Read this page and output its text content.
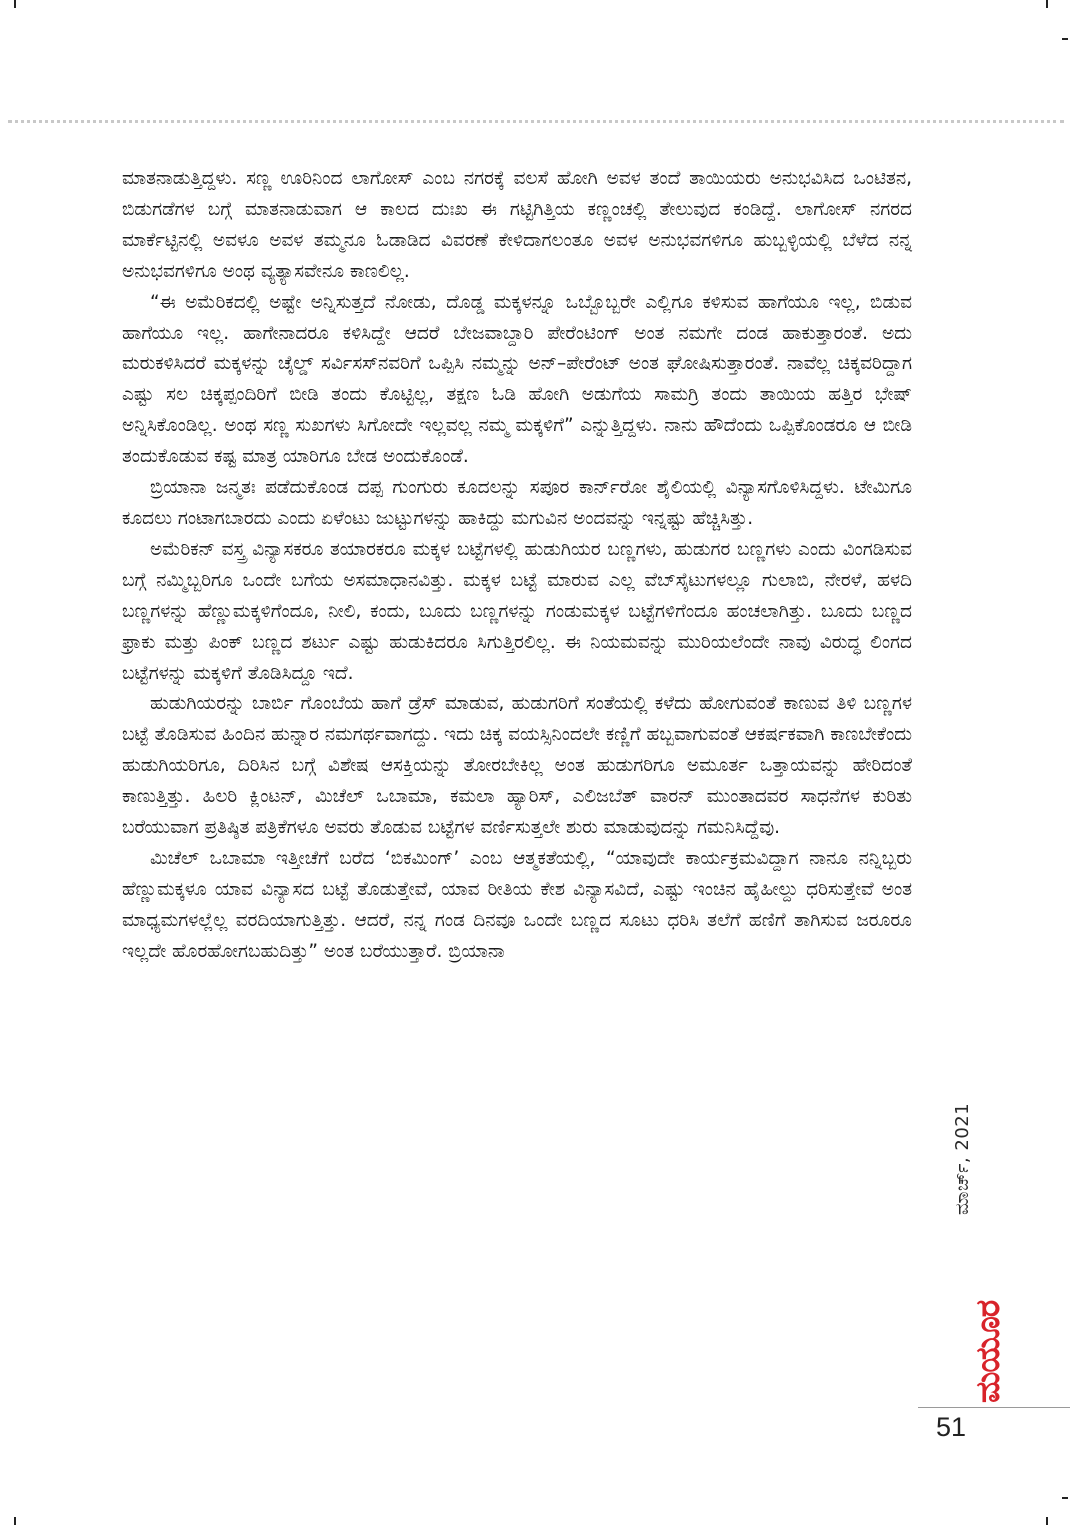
ಮಾತನಾಡುತ್ತಿದ್ದಳು. ಸಣ್ಣ ಊರಿನಿಂದ ಲಾಗೋಸ್ ಎಂಬ ನಗರಕ್ಕೆ ವಲಸೆ ಹೋಗಿ ಅವಳ ತಂದೆ ತಾಯಿಯರು ಅನುಭವಿಸಿದ ಒಂಟಿತನ, ಬಿಡುಗಡೆಗಳ ಬಗ್ಗೆ ಮಾತನಾಡುವಾಗ ಆ ಕಾಲದ ದುಃಖ ಈ ಗಟ್ಟಿಗಿತ್ತಿಯ ಕಣ್ಣಂಚಲ್ಲಿ ತೇಲುವುದ ಕಂಡಿದ್ದೆ. ಲಾಗೋಸ್ ನಗರದ ಮಾರ್ಕೆಟ್ಟಿನಲ್ಲಿ ಅವಳೂ ಅವಳ ತಮ್ಮನೂ ಓಡಾಡಿದ ವಿವರಣೆ ಕೇಳಿದಾಗಲಂತೂ ಅವಳ ಅನುಭವಗಳಿಗೂ ಹುಬ್ಬಳ್ಳಿಯಲ್ಲಿ ಬೆಳೆದ ನನ್ನ ಅನುಭವಗಳಿಗೂ ಅಂಥ ವ್ಯತ್ಯಾಸವೇನೂ ಕಾಣಲಿಲ್ಲ.

“ಈ ಅಮೆರಿಕದಲ್ಲಿ ಅಷ್ಟೇ ಅನ್ನಿಸುತ್ತದೆ ನೋಡು, ದೊಡ್ಡ ಮಕ್ಕಳನ್ನೂ ಒಬ್ಬೊಬ್ಬರೇ ಎಲ್ಲಿಗೂ ಕಳಿಸುವ ಹಾಗೆಯೂ ಇಲ್ಲ, ಬಿಡುವ ಹಾಗೆಯೂ ಇಲ್ಲ. ಹಾಗೇನಾದರೂ ಕಳಿಸಿದ್ದೇ ಆದರೆ ಬೇಜವಾಬ್ದಾರಿ ಪೇರೆಂಟಿಂಗ್ ಅಂತ ನಮಗೇ ದಂಡ ಹಾಕುತ್ತಾರಂತೆ. ಅದು ಮರುಕಳಿಸಿದರೆ ಮಕ್ಕಳನ್ನು ಚೈಲ್ಡ್ ಸರ್ವಿಸಸ್‌ನವರಿಗೆ ಒಪ್ಪಿಸಿ ನಮ್ಮನ್ನು ಅನ್–ಪೇರೆಂಟ್ ಅಂತ ಘೋಷಿಸುತ್ತಾರಂತೆ. ನಾವೆಲ್ಲ ಚಿಕ್ಕವರಿದ್ದಾಗ ಎಷ್ಟು ಸಲ ಚಿಕ್ಕಪ್ಪಂದಿರಿಗೆ ಬೀಡಿ ತಂದು ಕೊಟ್ಟಿಲ್ಲ, ತಕ್ಷಣ ಓಡಿ ಹೋಗಿ ಅಡುಗೆಯ ಸಾಮಗ್ರಿ ತಂದು ತಾಯಿಯ ಹತ್ತಿರ ಭೇಷ್ ಅನ್ನಿಸಿಕೊಂಡಿಲ್ಲ. ಅಂಥ ಸಣ್ಣ ಸುಖಗಳು ಸಿಗೋದೇ ಇಲ್ಲವಲ್ಲ ನಮ್ಮ ಮಕ್ಕಳಿಗೆ” ಎನ್ನುತ್ತಿದ್ದಳು. ನಾನು ಹೌದೆಂದು ಒಪ್ಪಿಕೊಂಡರೂ ಆ ಬೀಡಿ ತಂದುಕೊಡುವ ಕಷ್ಟ ಮಾತ್ರ ಯಾರಿಗೂ ಬೇಡ ಅಂದುಕೊಂಡೆ.

ಬ್ರಿಯಾನಾ ಜನ್ಮತಃ ಪಡೆದುಕೊಂಡ ದಪ್ಪ ಗುಂಗುರು ಕೂದಲನ್ನು ಸಪೂರ ಕಾರ್ನ್‌ರೋ ಶೈಲಿಯಲ್ಲಿ ವಿನ್ಯಾಸಗೊಳಿಸಿದ್ದಳು. ಟೇಮಿಗೂ ಕೂದಲು ಗಂಟಾಗಬಾರದು ಎಂದು ಏಳೆಂಟು ಜುಟ್ಟುಗಳನ್ನು ಹಾಕಿದ್ದು ಮಗುವಿನ ಅಂದವನ್ನು ಇನ್ನಷ್ಟು ಹೆಚ್ಚಿಸಿತ್ತು.

ಅಮೆರಿಕನ್ ವಸ್ತ್ರ ವಿನ್ಯಾಸಕರೂ ತಯಾರಕರೂ ಮಕ್ಕಳ ಬಟ್ಟೆಗಳಲ್ಲಿ ಹುಡುಗಿಯರ ಬಣ್ಣಗಳು, ಹುಡುಗರ ಬಣ್ಣಗಳು ಎಂದು ವಿಂಗಡಿಸುವ ಬಗ್ಗೆ ನಮ್ಮಿಬ್ಬರಿಗೂ ಒಂದೇ ಬಗೆಯ ಅಸಮಾಧಾನವಿತ್ತು. ಮಕ್ಕಳ ಬಟ್ಟೆ ಮಾರುವ ಎಲ್ಲ ವೆಬ್‌ಸೈಟುಗಳಲ್ಲೂ ಗುಲಾಬಿ, ನೇರಳೆ, ಹಳದಿ ಬಣ್ಣಗಳನ್ನು ಹೆಣ್ಣುಮಕ್ಕಳಿಗೆಂದೂ, ನೀಲಿ, ಕಂದು, ಬೂದು ಬಣ್ಣಗಳನ್ನು ಗಂಡುಮಕ್ಕಳ ಬಟ್ಟೆಗಳಿಗೆಂದೂ ಹಂಚಲಾಗಿತ್ತು. ಬೂದು ಬಣ್ಣದ ಫ್ರಾಕು ಮತ್ತು ಪಿಂಕ್ ಬಣ್ಣದ ಶರ್ಟು ಎಷ್ಟು ಹುಡುಕಿದರೂ ಸಿಗುತ್ತಿರಲಿಲ್ಲ. ಈ ನಿಯಮವನ್ನು ಮುರಿಯಲೆಂದೇ ನಾವು ವಿರುದ್ಧ ಲಿಂಗದ ಬಟ್ಟೆಗಳನ್ನು ಮಕ್ಕಳಿಗೆ ತೊಡಿಸಿದ್ದೂ ಇದೆ.

ಹುಡುಗಿಯರನ್ನು ಬಾರ್ಬಿ ಗೊಂಬೆಯ ಹಾಗೆ ಡ್ರೆಸ್ ಮಾಡುವ, ಹುಡುಗರಿಗೆ ಸಂತೆಯಲ್ಲಿ ಕಳೆದು ಹೋಗುವಂತೆ ಕಾಣುವ ತಿಳಿ ಬಣ್ಣಗಳ ಬಟ್ಟೆ ತೊಡಿಸುವ ಹಿಂದಿನ ಹುನ್ನಾರ ನಮಗರ್ಥವಾಗದ್ದು. ಇದು ಚಿಕ್ಕ ವಯಸ್ಸಿನಿಂದಲೇ ಕಣ್ಣಿಗೆ ಹಬ್ಬವಾಗುವಂತೆ ಆಕರ್ಷಕವಾಗಿ ಕಾಣಬೇಕೆಂದು ಹುಡುಗಿಯರಿಗೂ, ದಿರಿಸಿನ ಬಗ್ಗೆ ವಿಶೇಷ ಆಸಕ್ತಿಯನ್ನು ತೋರಬೇಕಿಲ್ಲ ಅಂತ ಹುಡುಗರಿಗೂ ಅಮೂರ್ತ ಒತ್ತಾಯವನ್ನು ಹೇರಿದಂತೆ ಕಾಣುತ್ತಿತ್ತು. ಹಿಲರಿ ಕ್ಲಿಂಟನ್, ಮಿಚೆಲ್ ಒಬಾಮಾ, ಕಮಲಾ ಹ್ಯಾರಿಸ್, ಎಲಿಜಬೆತ್ ವಾರನ್ ಮುಂತಾದವರ ಸಾಧನೆಗಳ ಕುರಿತು ಬರೆಯುವಾಗ ಪ್ರತಿಷ್ಠಿತ ಪತ್ರಿಕೆಗಳೂ ಅವರು ತೊಡುವ ಬಟ್ಟೆಗಳ ವರ್ಣಿಸುತ್ತಲೇ ಶುರು ಮಾಡುವುದನ್ನು ಗಮನಿಸಿದ್ದೆವು.

ಮಿಚೆಲ್ ಒಬಾಮಾ ಇತ್ತೀಚೆಗೆ ಬರೆದ ‘ಬಿಕಮಿಂಗ್’ ಎಂಬ ಆತ್ಮಕತೆಯಲ್ಲಿ, “ಯಾವುದೇ ಕಾರ್ಯಕ್ರಮವಿದ್ದಾಗ ನಾನೂ ನನ್ನಿಬ್ಬರು ಹೆಣ್ಣುಮಕ್ಕಳೂ ಯಾವ ವಿನ್ಯಾಸದ ಬಟ್ಟೆ ತೊಡುತ್ತೇವೆ, ಯಾವ ರೀತಿಯ ಕೇಶ ವಿನ್ಯಾಸವಿದೆ, ಎಷ್ಟು ಇಂಚಿನ ಹೈಹೀಲ್ದು ಧರಿಸುತ್ತೇವೆ ಅಂತ ಮಾಧ್ಯಮಗಳಲ್ಲೆಲ್ಲ ವರದಿಯಾಗುತ್ತಿತ್ತು. ಆದರೆ, ನನ್ನ ಗಂಡ ದಿನವೂ ಒಂದೇ ಬಣ್ಣದ ಸೂಟು ಧರಿಸಿ ತಲೆಗೆ ಹಣಿಗೆ ತಾಗಿಸುವ ಜರೂರೂ ಇಲ್ಲದೇ ಹೊರಹೋಗಬಹುದಿತ್ತು” ಅಂತ ಬರೆಯುತ್ತಾರೆ. ಬ್ರಿಯಾನಾ

ಮಾರ್ಚ್, 2021
ಮಯೂರ
51
